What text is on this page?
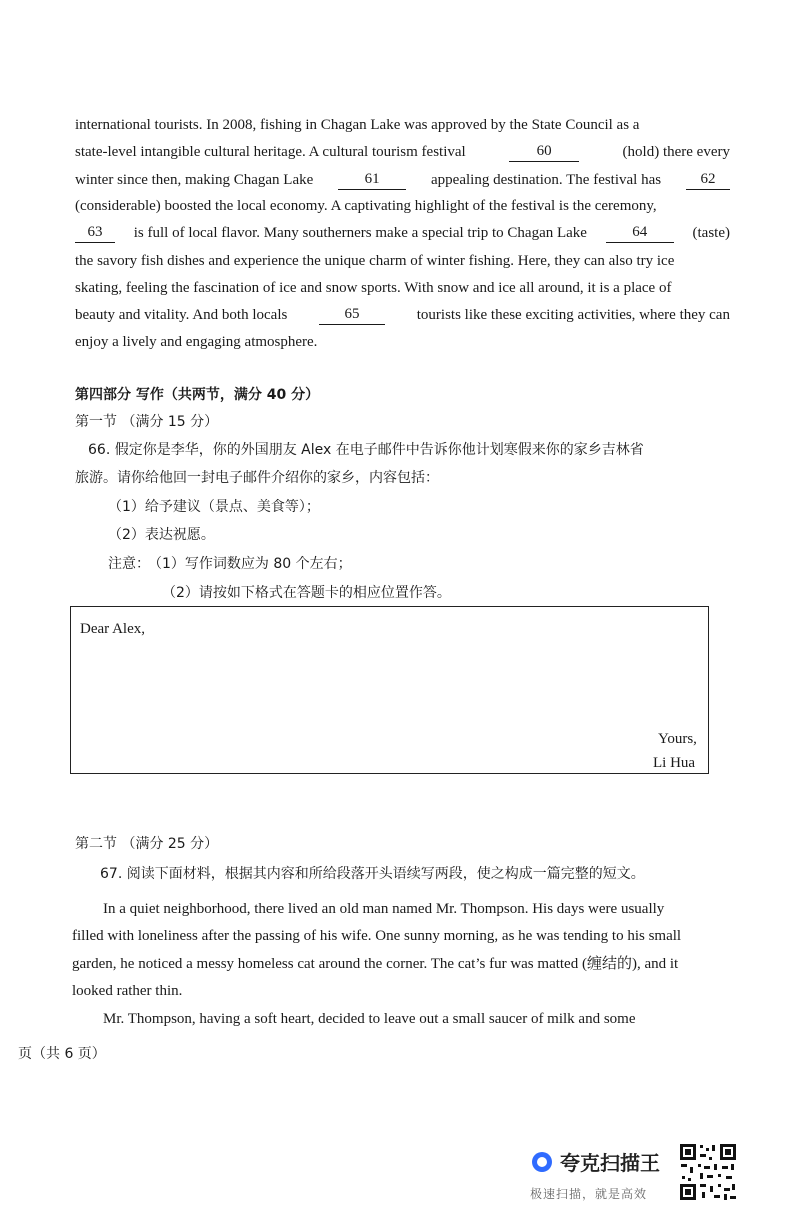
international tourists. In 2008, fishing in Chagan Lake was approved by the State Council as a
state-level intangible cultural heritage. A cultural tourism festival	60	(hold) there every
winter since then, making Chagan Lake	61	appealing destination. The festival has	62
(considerable) boosted the local economy. A captivating highlight of the festival is the ceremony,
63	is full of local flavor. Many southerners make a special trip to Chagan Lake	64	(taste)
the savory fish dishes and experience the unique charm of winter fishing. Here, they can also try ice
skating, feeling the fascination of ice and snow sports. With snow and ice all around, it is a place of
beauty and vitality. And both locals	65	tourists like these exciting activities, where they can
enjoy a lively and engaging atmosphere.
第四部分 写作（共两节，满分 40 分）
第一节 （满分 15 分）
66. 假定你是李华，你的外国朋友 Alex 在电子邮件中告诉你他计划寒假来你的家乡吉林省
旅游。请你给他回一封电子邮件介绍你的家乡，内容包括：
（1）给予建议（景点、美食等）；
（2）表达祝愿。
注意：
（1）写作词数应为 80 个左右；
（2）请按如下格式在答题卡的相应位置作答。
Dear Alex,
Yours,
Li Hua
第二节 （满分 25 分）
67. 阅读下面材料，根据其内容和所给段落开头语续写两段，使之构成一篇完整的短文。
In a quiet neighborhood, there lived an old man named Mr. Thompson. His days were usually
filled with loneliness after the passing of his wife. One sunny morning, as he was tending to his small
garden, he noticed a messy homeless cat around the corner. The cat’s fur was matted (缠结的), and it
looked rather thin.
Mr. Thompson, having a soft heart, decided to leave out a small saucer of milk and some
页（共 6 页）
夸克扫描王
极速扫描，就是高效
